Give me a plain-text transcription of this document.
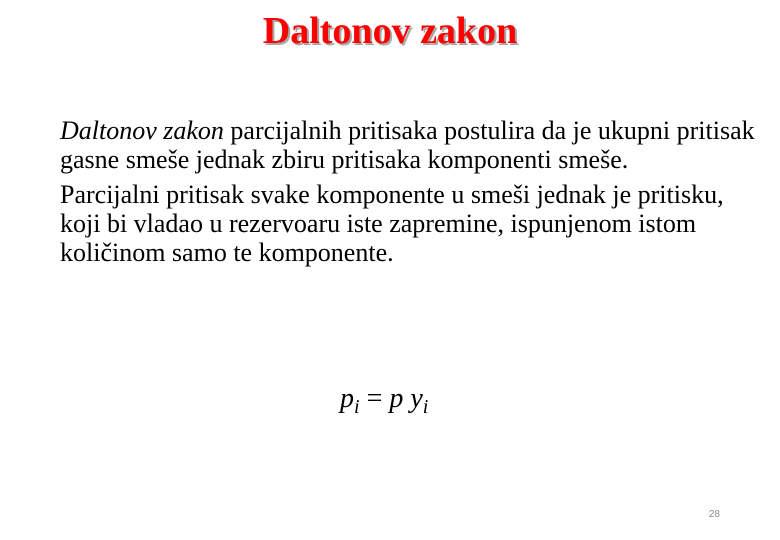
Daltonov zakon

Daltonov zakon parcijalnih pritisaka postulira da je ukupni pritisak gasne smeše jednak zbiru pritisaka komponenti smeše.

Parcijalni pritisak svake komponente u smeši jednak je pritisku, koji bi vladao u rezervoaru iste zapremine, ispunjenom istom količinom samo te komponente.

$p_i = p$ $y_i$
28
